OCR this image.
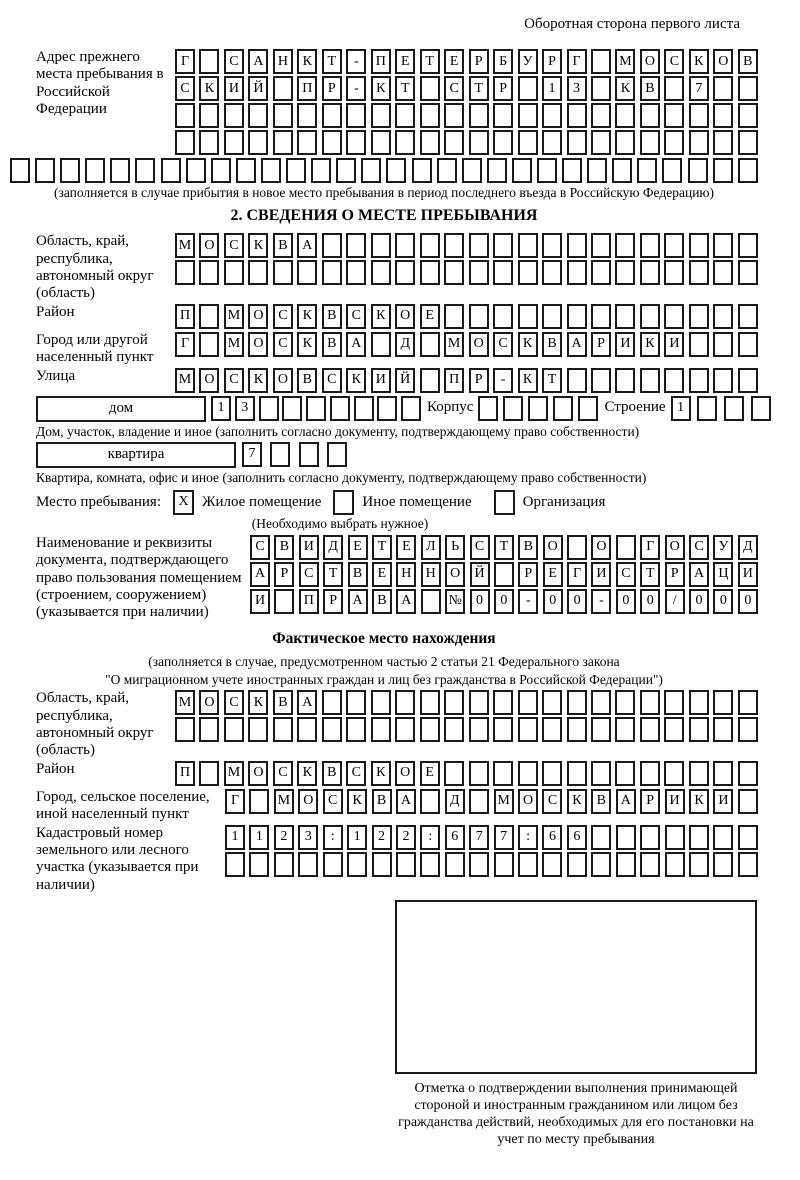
Оборотная сторона первого листа
Адрес прежнего места пребывания в Российской Федерации
Г	С	А	Н	К	Т	-	П	Е	Т	Е	Р	Б	У	Р	Г	М О	С	К	О	В
С	К	И	Й	П	Р	-	К	Т	С	Т	Р	1	3	К	В	7
(заполняется в случае прибытия в новое место пребывания в период последнего въезда в Российскую Федерацию)
2. СВЕДЕНИЯ О МЕСТЕ ПРЕБЫВАНИЯ
Область, край, республика, автономный округ (область)
М О	С	К	В	А
Район	П	М О	С	К	В	С	К	О	Е
Город или другой населенный пункт
Г	М О	С	К	В	А	Д	М О	С	К	В	А	Р	И	К	И
Улица	М О	С	К	О	В	С	К	И	Й	П	Р	-	К	Т
дом	1	3	Корпус	Строение 1
Дом, участок, владение и иное (заполнить согласно документу, подтверждающему право собственности)
квартира	7
Квартира, комната, офис и иное (заполнить согласно документу, подтверждающему право собственности)
Место пребывания:	X Жилое помещение	Иное помещение	Организация
(Необходимо выбрать нужное)
Наименование и реквизиты документа, подтверждающего право пользования помещением (строением, сооружением) (указывается при наличии)
С	В	И	Д	Е	Т	Е	Л	Ь	С	Т	В	О	О	Г	О	С	У	Д
А	Р	С	Т	В	Е	Н	Н	О	Й	Р	Е	Г	И	С	Т	Р	А	Ц	И
И	П	Р	А	В	А	№	0	0	-	0	0	-	0	0	/	0	0	0
Фактическое место нахождения
(заполняется в случае, предусмотренном частью 2 статьи 21 Федерального закона
"О миграционном учете иностранных граждан и лиц без гражданства в Российской Федерации")
Область, край, республика, автономный округ (область)
М О	С	К	В	А
Район	П	М О	С	К	В	С	К	О	Е
Город, сельское поселение, иной населенный пункт
Г	М О	С	К	В	А	Д	М О	С	К	В	А	Р	И	К	И
Кадастровый номер земельного или лесного участка (указывается при наличии)
1	1	2	3	:	1	2	2	:	6	7	7	:	6	6
Отметка о подтверждении выполнения принимающей стороной и иностранным гражданином или лицом без гражданства действий, необходимых для его постановки на учет по месту пребывания
